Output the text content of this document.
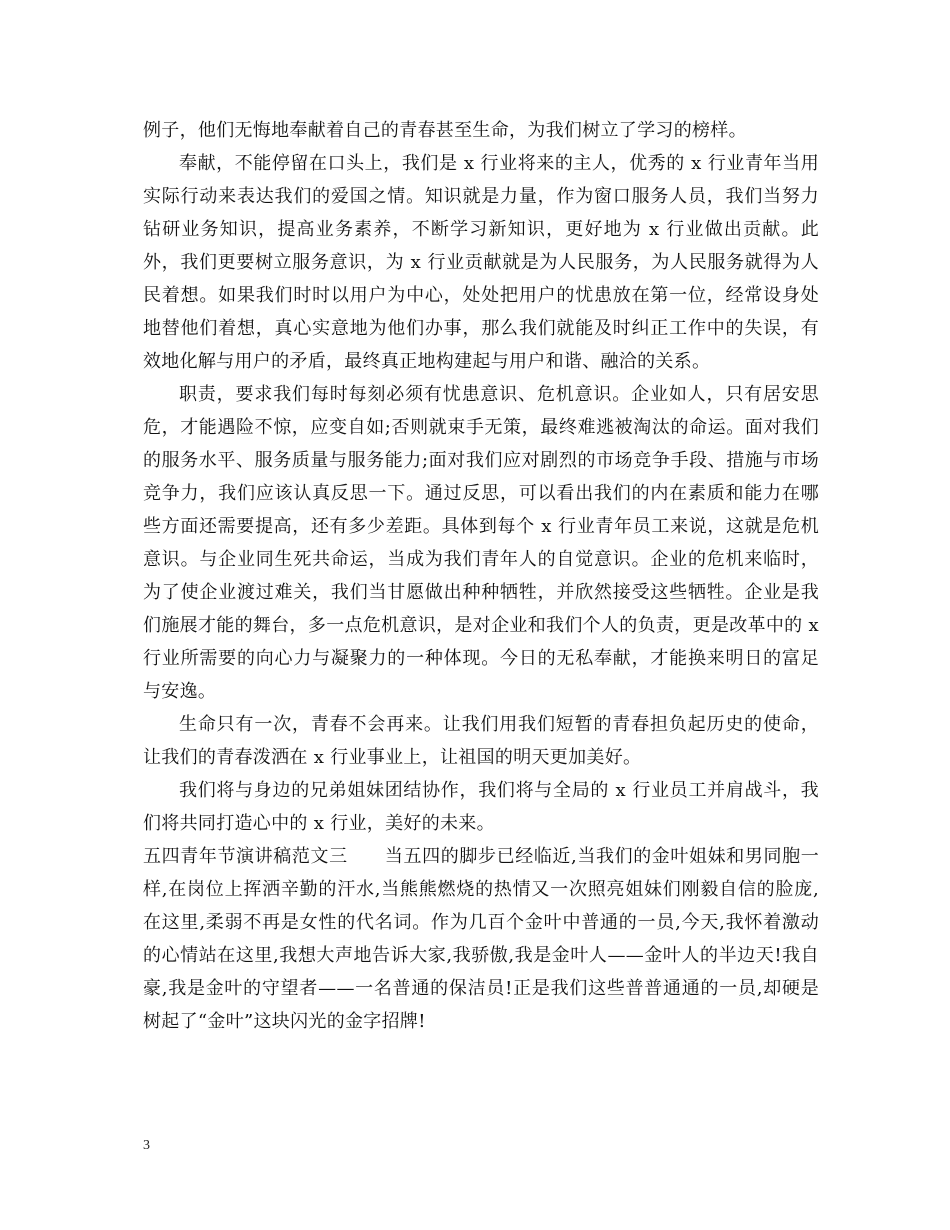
例子，他们无悔地奉献着自己的青春甚至生命，为我们树立了学习的榜样。

奉献，不能停留在口头上，我们是 x 行业将来的主人，优秀的 x 行业青年当用实际行动来表达我们的爱国之情。知识就是力量，作为窗口服务人员，我们当努力钻研业务知识，提高业务素养，不断学习新知识，更好地为 x 行业做出贡献。此外，我们更要树立服务意识，为 x 行业贡献就是为人民服务，为人民服务就得为人民着想。如果我们时时以用户为中心，处处把用户的忧患放在第一位，经常设身处地替他们着想，真心实意地为他们办事，那么我们就能及时纠正工作中的失误，有效地化解与用户的矛盾，最终真正地构建起与用户和谐、融洽的关系。

职责，要求我们每时每刻必须有忧患意识、危机意识。企业如人，只有居安思危，才能遇险不惊，应变自如;否则就束手无策，最终难逃被淘汰的命运。面对我们的服务水平、服务质量与服务能力;面对我们应对剧烈的市场竞争手段、措施与市场竞争力，我们应该认真反思一下。通过反思，可以看出我们的内在素质和能力在哪些方面还需要提高，还有多少差距。具体到每个 x 行业青年员工来说，这就是危机意识。与企业同生死共命运，当成为我们青年人的自觉意识。企业的危机来临时，为了使企业渡过难关，我们当甘愿做出种种牺牲，并欣然接受这些牺牲。企业是我们施展才能的舞台，多一点危机意识，是对企业和我们个人的负责，更是改革中的 x 行业所需要的向心力与凝聚力的一种体现。今日的无私奉献，才能换来明日的富足与安逸。

生命只有一次，青春不会再来。让我们用我们短暂的青春担负起历史的使命，让我们的青春泼洒在 x 行业事业上，让祖国的明天更加美好。

我们将与身边的兄弟姐妹团结协作，我们将与全局的 x 行业员工并肩战斗，我们将共同打造心中的 x 行业，美好的未来。

五四青年节演讲稿范文三　　当五四的脚步已经临近,当我们的金叶姐妹和男同胞一样,在岗位上挥洒辛勤的汗水,当熊熊燃烧的热情又一次照亮姐妹们刚毅自信的脸庞,在这里,柔弱不再是女性的代名词。作为几百个金叶中普通的一员,今天,我怀着激动的心情站在这里,我想大声地告诉大家,我骄傲,我是金叶人——金叶人的半边天!我自豪,我是金叶的守望者——一名普通的保洁员!正是我们这些普普通通的一员,却硬是树起了“金叶”这块闪光的金字招牌!

3
